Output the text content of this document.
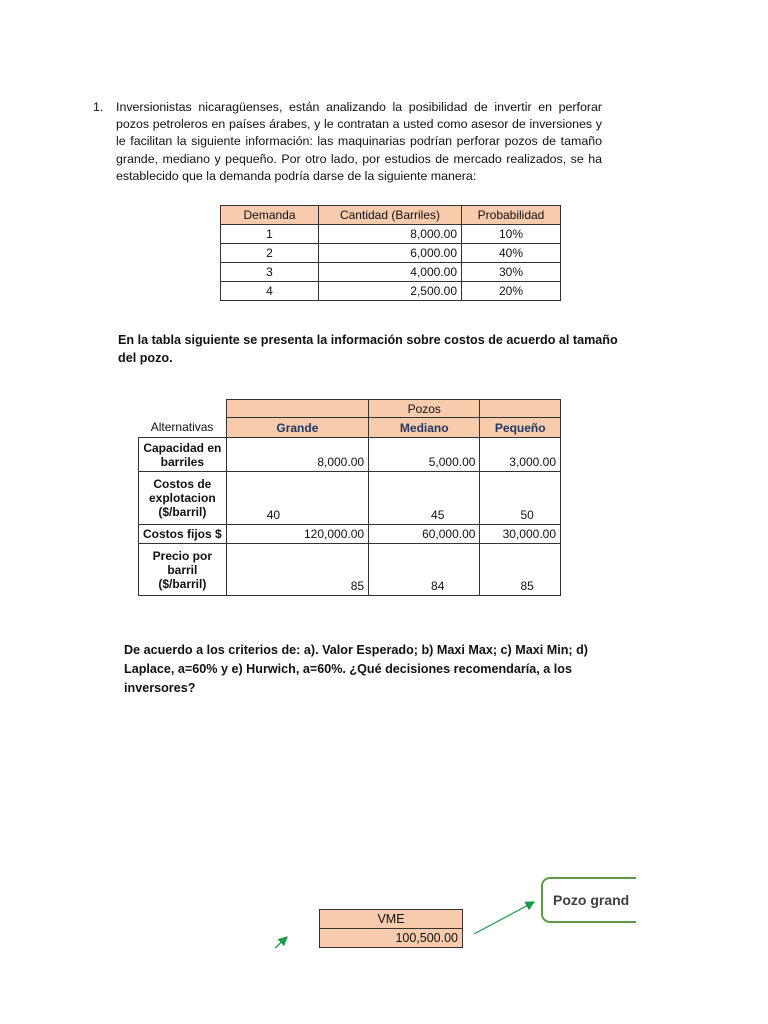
1.	Inversionistas nicaragüenses, están analizando la posibilidad de invertir en perforar pozos petroleros en países árabes, y le contratan a usted como asesor de inversiones y le facilitan la siguiente información: las maquinarias podrían perforar pozos de tamaño grande, mediano y pequeño. Por otro lado, por estudios de mercado realizados, se ha establecido que la demanda podría darse de la siguiente manera:
Demanda	Cantidad (Barriles)	Probabilidad
1	8,000.00	10%
2	6,000.00	40%
3	4,000.00	30%
4	2,500.00	20%
En la tabla siguiente se presenta la información sobre costos de acuerdo al tamaño del pozo.
		Pozos	
Alternativas	Grande	Mediano	Pequeño
Capacidad en barriles	8,000.00	5,000.00	3,000.00
Costos de explotacion ($/barril)	40	45	50
Costos fijos $	120,000.00	60,000.00	30,000.00
Precio por barril ($/barril)	85	84	85
De acuerdo a los criterios de: a). Valor Esperado; b) Maxi Max; c) Maxi Min; d) Laplace, a=60% y e) Hurwich, a=60%. ¿Qué decisiones recomendaría, a los inversores?
VME
100,500.00
Pozo grand
